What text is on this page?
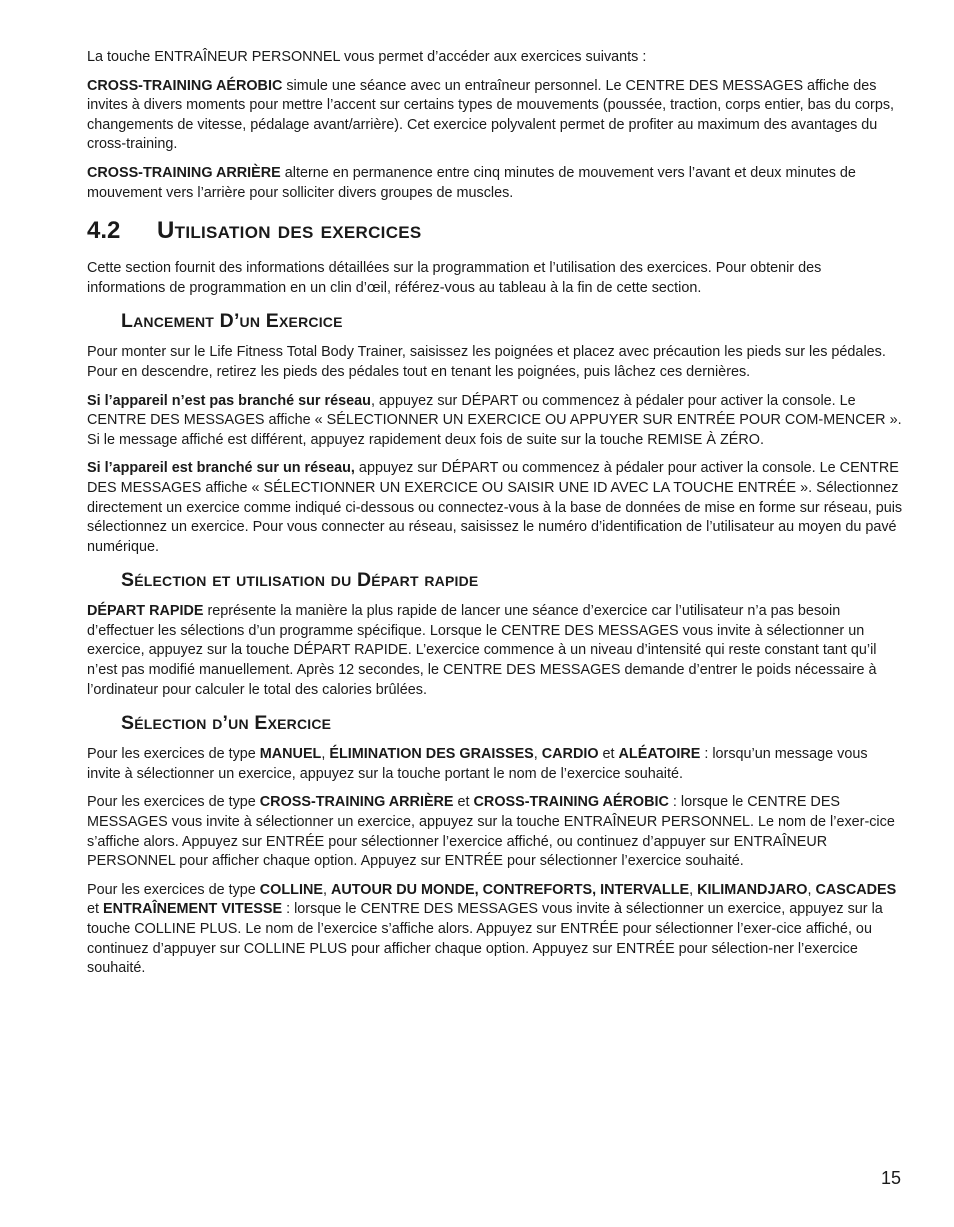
La touche ENTRAÎNEUR PERSONNEL vous permet d’accéder aux exercices suivants :

CROSS-TRAINING AÉROBIC simule une séance avec un entraîneur personnel. Le CENTRE DES MESSAGES affiche des invites à divers moments pour mettre l’accent sur certains types de mouvements (poussée, traction, corps entier, bas du corps, changements de vitesse, pédalage avant/arrière). Cet exercice polyvalent permet de profiter au maximum des avantages du cross-training.

CROSS-TRAINING ARRIÈRE alterne en permanence entre cinq minutes de mouvement vers l’avant et deux minutes de mouvement vers l’arrière pour solliciter divers groupes de muscles.

4.2 Utilisation des exercices

Cette section fournit des informations détaillées sur la programmation et l’utilisation des exercices. Pour obtenir des informations de programmation en un clin d’œil, référez-vous au tableau à la fin de cette section.

Lancement D’un Exercice

Pour monter sur le Life Fitness Total Body Trainer, saisissez les poignées et placez avec précaution les pieds sur les pédales. Pour en descendre, retirez les pieds des pédales tout en tenant les poignées, puis lâchez ces dernières.

Si l’appareil n’est pas branché sur réseau, appuyez sur DÉPART ou commencez à pédaler pour activer la console. Le CENTRE DES MESSAGES affiche « SÉLECTIONNER UN EXERCICE OU APPUYER SUR ENTRÉE POUR COM-MENCER ». Si le message affiché est différent, appuyez rapidement deux fois de suite sur la touche REMISE À ZÉRO.

Si l’appareil est branché sur un réseau, appuyez sur DÉPART ou commencez à pédaler pour activer la console. Le CENTRE DES MESSAGES affiche « SÉLECTIONNER UN EXERCICE OU SAISIR UNE ID AVEC LA TOUCHE ENTRÉE ». Sélectionnez directement un exercice comme indiqué ci-dessous ou connectez-vous à la base de données de mise en forme sur réseau, puis sélectionnez un exercice. Pour vous connecter au réseau, saisissez le numéro d’identification de l’utilisateur au moyen du pavé numérique.

Sélection et utilisation du Départ rapide

DÉPART RAPIDE représente la manière la plus rapide de lancer une séance d’exercice car l’utilisateur n’a pas besoin d’effectuer les sélections d’un programme spécifique. Lorsque le CENTRE DES MESSAGES vous invite à sélectionner un exercice, appuyez sur la touche DÉPART RAPIDE. L’exercice commence à un niveau d’intensité qui reste constant tant qu’il n’est pas modifié manuellement. Après 12 secondes, le CENTRE DES MESSAGES demande d’entrer le poids nécessaire à l’ordinateur pour calculer le total des calories brûlées.

Sélection d’un Exercice

Pour les exercices de type MANUEL, ÉLIMINATION DES GRAISSES, CARDIO et ALÉATOIRE : lorsqu’un message vous invite à sélectionner un exercice, appuyez sur la touche portant le nom de l’exercice souhaité.

Pour les exercices de type CROSS-TRAINING ARRIÈRE et CROSS-TRAINING AÉROBIC : lorsque le CENTRE DES MESSAGES vous invite à sélectionner un exercice, appuyez sur la touche ENTRAÎNEUR PERSONNEL. Le nom de l’exer-cice s’affiche alors. Appuyez sur ENTRÉE pour sélectionner l’exercice affiché, ou continuez d’appuyer sur ENTRAÎNEUR PERSONNEL pour afficher chaque option. Appuyez sur ENTRÉE pour sélectionner l’exercice souhaité.

Pour les exercices de type COLLINE, AUTOUR DU MONDE, CONTREFORTS, INTERVALLE, KILIMANDJARO, CASCADES et ENTRAÎNEMENT VITESSE : lorsque le CENTRE DES MESSAGES vous invite à sélectionner un exercice, appuyez sur la touche COLLINE PLUS. Le nom de l’exercice s’affiche alors. Appuyez sur ENTRÉE pour sélectionner l’exer-cice affiché, ou continuez d’appuyer sur COLLINE PLUS pour afficher chaque option. Appuyez sur ENTRÉE pour sélection-ner l’exercice souhaité.

15
